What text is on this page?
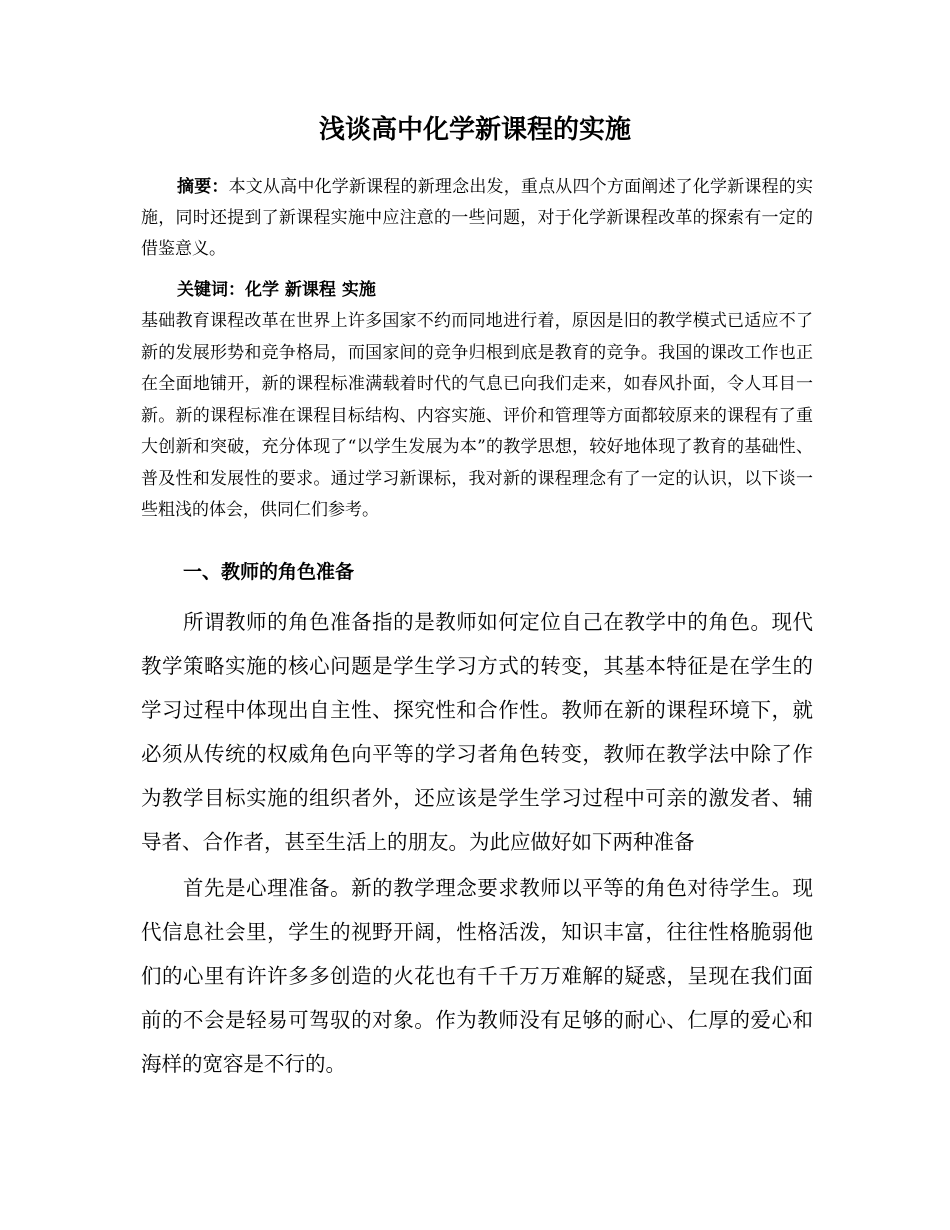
浅谈高中化学新课程的实施
摘要：本文从高中化学新课程的新理念出发，重点从四个方面阐述了化学新课程的实施，同时还提到了新课程实施中应注意的一些问题，对于化学新课程改革的探索有一定的借鉴意义。
关键词：化学 新课程 实施
基础教育课程改革在世界上许多国家不约而同地进行着，原因是旧的教学模式已适应不了新的发展形势和竞争格局，而国家间的竞争归根到底是教育的竞争。我国的课改工作也正在全面地铺开，新的课程标准满载着时代的气息已向我们走来，如春风扑面，令人耳目一新。新的课程标准在课程目标结构、内容实施、评价和管理等方面都较原来的课程有了重大创新和突破，充分体现了“以学生发展为本”的教学思想，较好地体现了教育的基础性、普及性和发展性的要求。通过学习新课标，我对新的课程理念有了一定的认识，以下谈一些粗浅的体会，供同仁们参考。
一、教师的角色准备
所谓教师的角色准备指的是教师如何定位自己在教学中的角色。现代教学策略实施的核心问题是学生学习方式的转变，其基本特征是在学生的学习过程中体现出自主性、探究性和合作性。教师在新的课程环境下，就必须从传统的权威角色向平等的学习者角色转变，教师在教学法中除了作为教学目标实施的组织者外，还应该是学生学习过程中可亲的激发者、辅导者、合作者，甚至生活上的朋友。为此应做好如下两种准备
首先是心理准备。新的教学理念要求教师以平等的角色对待学生。现代信息社会里，学生的视野开阔，性格活泼，知识丰富，往往性格脆弱他们的心里有许许多多创造的火花也有千千万万难解的疑惑，呈现在我们面前的不会是轻易可驾驭的对象。作为教师没有足够的耐心、仁厚的爱心和海样的宽容是不行的。
